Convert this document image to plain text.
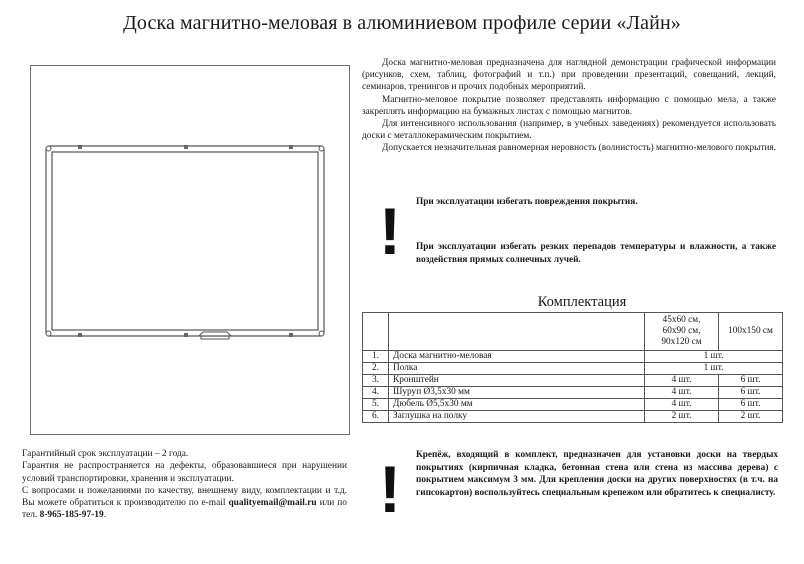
Доска магнитно-меловая в алюминиевом профиле серии «Лайн»

Доска магнитно-меловая предназначена для наглядной демонстрации графической информации (рисунков, схем, таблиц, фотографий и т.п.) при проведении презентаций, совещаний, лекций, семинаров, тренингов и прочих подобных мероприятий.

Магнитно-меловое покрытие позволяет представлять информацию с помощью мела, а также закреплять информацию на бумажных листах с помощью магнитов.

Для интенсивного использования (например, в учебных заведениях) рекомендуется использовать доски с металлокерамическим покрытием.

Допускается незначительная равномерная неровность (волнистость) магнитно-мелового покрытия.

! При эксплуатации избегать повреждения покрытия.
При эксплуатации избегать резких перепадов температуры и влажности, а также воздействия прямых солнечных лучей.
Комплектация
		45x60 см,
60x90 см,
90x120 см	100x150 см
1.	Доска магнитно-меловая	1 шт.	
2.	Полка	1 шт.	
3.	Кронштейн	4 шт.	6 шт.
4.	Шуруп Ø3,5x30 мм	4 шт.	6 шт.
5.	Дюбель Ø5,5x30 мм	4 шт.	6 шт.
6.	Заглушка на полку	2 шт.	2 шт.
! Крепёж, входящий в комплект, предназначен для установки доски на твердых покрытиях (кирпичная кладка, бетонная стена или стена из массива дерева) с покрытием максимум 3 мм. Для крепления доски на других поверхностях (в т.ч. на гипсокартон) воспользуйтесь специальным крепежом или обратитесь к специалисту.

Гарантийный срок эксплуатации – 2 года.

Гарантия не распространяется на дефекты, образовавшиеся при нарушении условий транспортировки, хранения и эксплуатации.

С вопросами и пожеланиями по качеству, внешнему виду, комплектации и т.д. Вы можете обратиться к производителю по e-mail qualityemail@mail.ru или по тел. 8-965-185-97-19.
